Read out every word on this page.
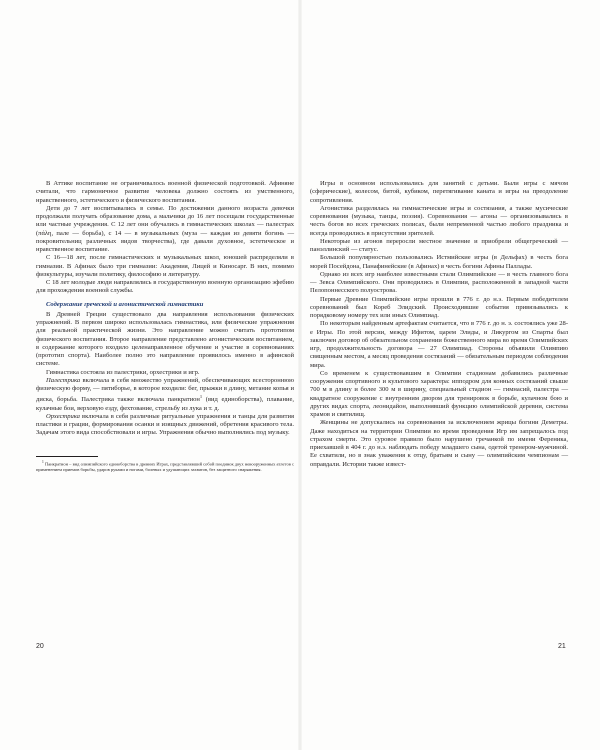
В Аттике воспитание не ограничивалось военной физической подготовкой. Афиняне считали, что гармоничное развитие человека должно состоять из умственного, нравственного, эстетического и физического воспитания.

Дети до 7 лет воспитывались в семье. По достижении данного возраста девочки продолжали получать образование дома, а мальчики до 16 лет посещали государственные или частные учреждения. С 12 лет они обучались в гимнастических школах — палестрах (πάλη, пале — борьба), с 14 — в музыкальных (муза — каждая из девяти богинь — покровительниц различных видов творчества), где давали духовное, эстетическое и нравственное воспитание.

С 16—18 лет, после гимнастических и музыкальных школ, юношей распределяли в гимназии. В Афинах было три гимназии: Академия, Лицей и Киносарг. В них, помимо физкультуры, изучали политику, философию и литературу.

С 18 лет молодые люди направлялись в государственную военную организацию эфебию для прохождения военной службы.

Содержание греческой и агонистической гимнастики

В Древней Греции существовало два направления использования физических упражнений. В первом широко использовалась гимнастика, или физические упражнения для реальной практической жизни. Это направление можно считать прототипом физического воспитания. Второе направление представлено агонистическим воспитанием, в содержание которого входило целенаправленное обучение и участие в соревнованиях (прототип спорта). Наиболее полно это направление проявилось именно в афинской системе.

Гимнастика состояла из палестрики, орхестрики и игр.

Палестрика включала в себя множество упражнений, обеспечивающих всестороннюю физическую форму, — пятиборье, в которое входили: бег, прыжки в длину, метание копья и диска, борьба. Палестрика также включала панкратион$^1$ (вид единоборства), плавание, кулачные бои, верховую езду, фехтование, стрельбу из лука и т. д.

Орхестрика включала в себя различные ритуальные упражнения и танцы для развития пластики и грации, формирования осанки и изящных движений, обретения красивого тела. Задачам этого вида способствовали и игры. Упражнения обычно выполнялись под музыку.

$^1$ Панкратион – вид олимпийского единоборства в древних Играх, представлявший собой поединок двух невооруженных атлетов с применением приемов борьбы, ударов руками и ногами, болевых и удушающих захватов, без защитного снаряжения.

20

Игры в основном использовались для занятий с детьми. Были игры с мячом (сферические), колесом, битой, кубиком, перетягивание каната и игры на преодоление сопротивления.

Агонистика разделялась на гимнастические игры и состязания, а также мусические соревнования (музыка, танцы, поэзия). Соревнования — агоны — организовывались в честь богов во всех греческих полисах, были непременной частью любого праздника и всегда проводились в присутствии зрителей.

Некоторые из агонов переросли местное значение и приобрели общегреческий — панэллинский — статус.

Большой популярностью пользовались Истмийские игры (в Дельфах) в честь бога морей Посейдона, Панафинейские (в Афинах) в честь богини Афины Паллады.

Однако из всех игр наиболее известными стали Олимпийские — в честь главного бога — Зевса Олимпийского. Они проводились в Олимпии, расположенной в западной части Пелопоннесского полуострова.

Первые Древние Олимпийские игры прошли в 776 г. до н.э. Первым победителем соревнований был Кореб Элидский. Происходившие события привязывались к порядковому номеру тех или иных Олимпиад.

По некоторым найденным артефактам считается, что в 776 г. до н. э. состоялись уже 28-е Игры. По этой версии, между Ифитом, царем Элиды, и Ликургом из Спарты был заключен договор об обязательном сохранении божественного мира во время Олимпийских игр, продолжительность договора — 27 Олимпиад. Стороны объявили Олимпию священным местом, а месяц проведения состязаний — обязательным периодом соблюдения мира.

Со временем к существовавшим в Олимпии стадионам добавились различные сооружения спортивного и культового характера: ипподром для конных состязаний свыше 700 м в длину и более 300 м в ширину, специальный стадион — гимнасий, палестра — квадратное сооружение с внутренним двором для тренировок в борьбе, кулачном бою и других видах спорта, леонидайон, выполнявший функцию олимпийской деревни, система храмов и святилищ.

Женщины не допускались на соревнования за исключением жрицы богини Деметры. Даже находиться на территории Олимпии во время проведения Игр им запрещалось под страхом смерти. Это суровое правило было нарушено гречанкой по имени Ференика, приехавшей в 404 г. до н.э. наблюдать победу младшего сына, одетой тренером-мужчиной. Ее схватили, но в знак уважения к отцу, братьям и сыну — олимпийским чемпионам — оправдали. Истории также извест-

21
